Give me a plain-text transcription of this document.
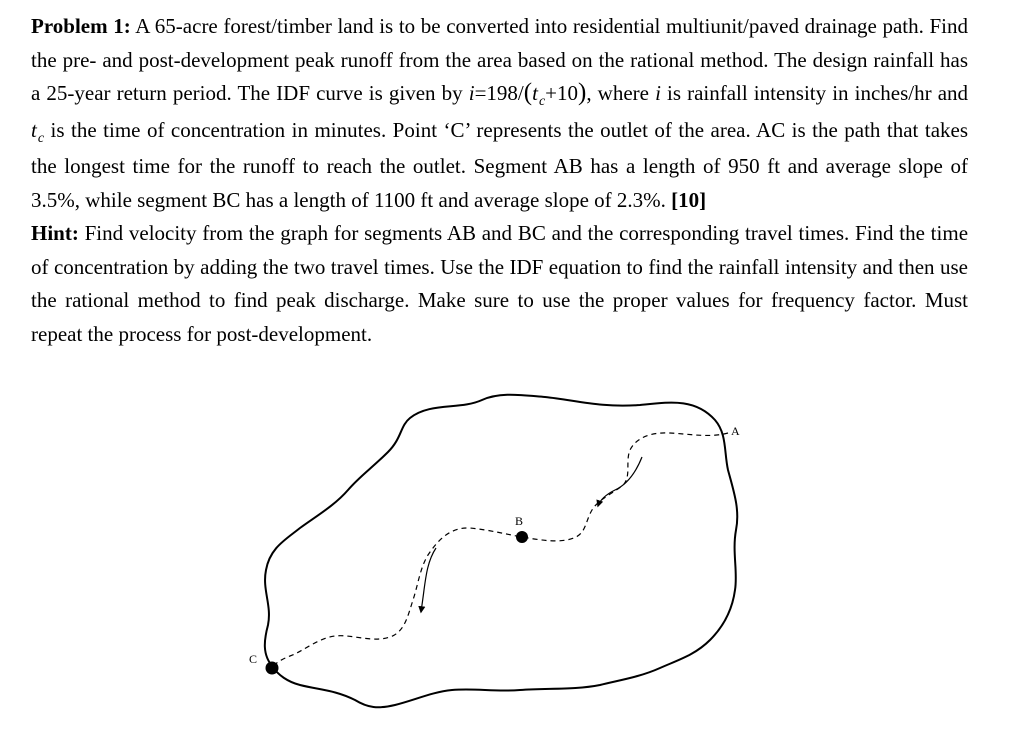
Problem 1: A 65-acre forest/timber land is to be converted into residential multiunit/paved drainage path. Find the pre- and post-development peak runoff from the area based on the rational method. The design rainfall has a 25-year return period. The IDF curve is given by $i=198/(t_c+10)$, where i is rainfall intensity in inches/hr and $t_c$ is the time of concentration in minutes. Point ‘C’ represents the outlet of the area. AC is the path that takes the longest time for the runoff to reach the outlet. Segment AB has a length of 950 ft and average slope of 3.5%, while segment BC has a length of 1100 ft and average slope of 2.3%. [10]

Hint: Find velocity from the graph for segments AB and BC and the corresponding travel times. Find the time of concentration by adding the two travel times. Use the IDF equation to find the rainfall intensity and then use the rational method to find peak discharge. Make sure to use the proper values for frequency factor. Must repeat the process for post-development.

A
B
C
